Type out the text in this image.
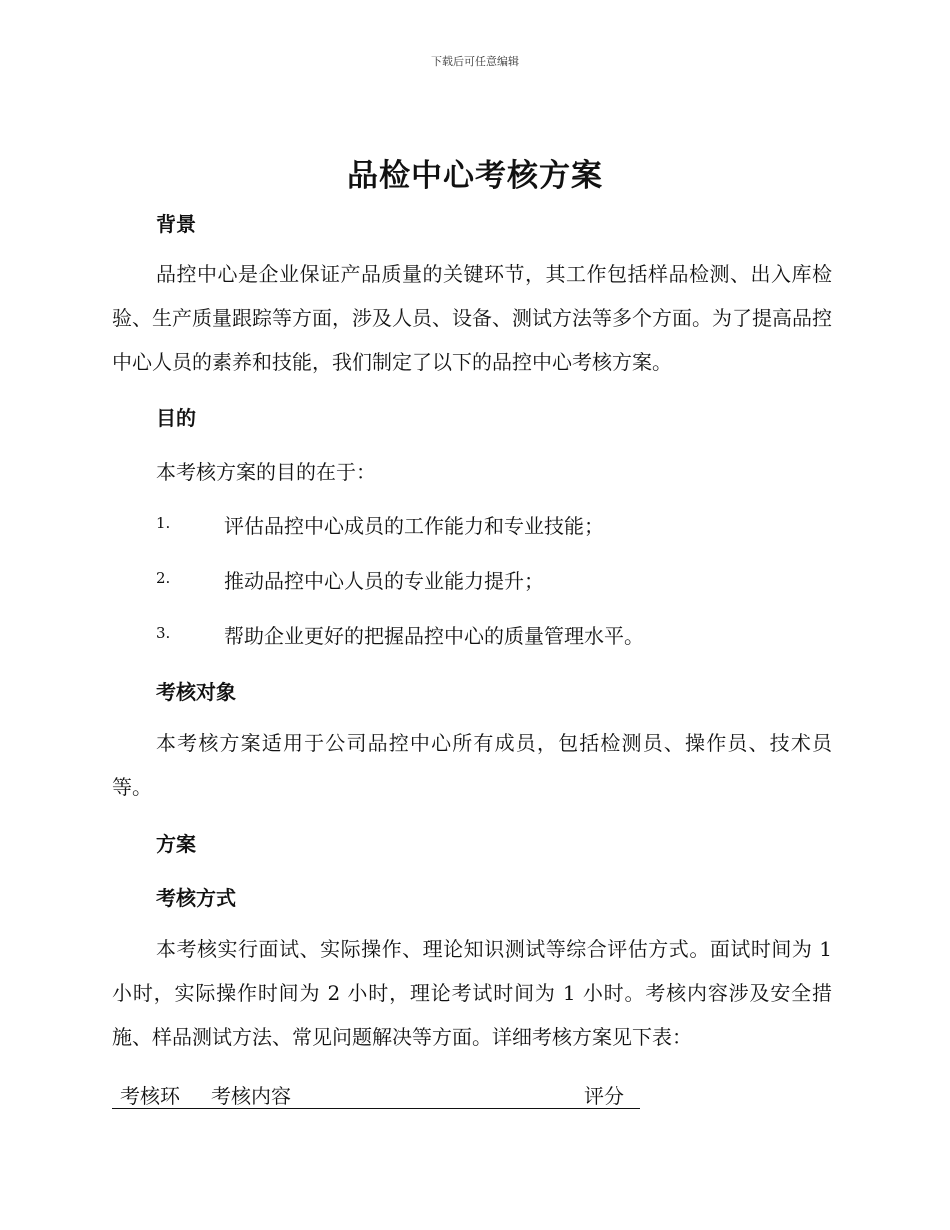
下载后可任意编辑
品检中心考核方案
背景
品控中心是企业保证产品质量的关键环节，其工作包括样品检测、出入库检验、生产质量跟踪等方面，涉及人员、设备、测试方法等多个方面。为了提高品控中心人员的素养和技能，我们制定了以下的品控中心考核方案。
目的
本考核方案的目的在于：
1.	评估品控中心成员的工作能力和专业技能；
2.	推动品控中心人员的专业能力提升；
3.	帮助企业更好的把握品控中心的质量管理水平。
考核对象
本考核方案适用于公司品控中心所有成员，包括检测员、操作员、技术员等。
方案
考核方式
本考核实行面试、实际操作、理论知识测试等综合评估方式。面试时间为 1 小时，实际操作时间为 2 小时，理论考试时间为 1 小时。考核内容涉及安全措施、样品测试方法、常见问题解决等方面。详细考核方案见下表：
考核环 考核内容	评分
